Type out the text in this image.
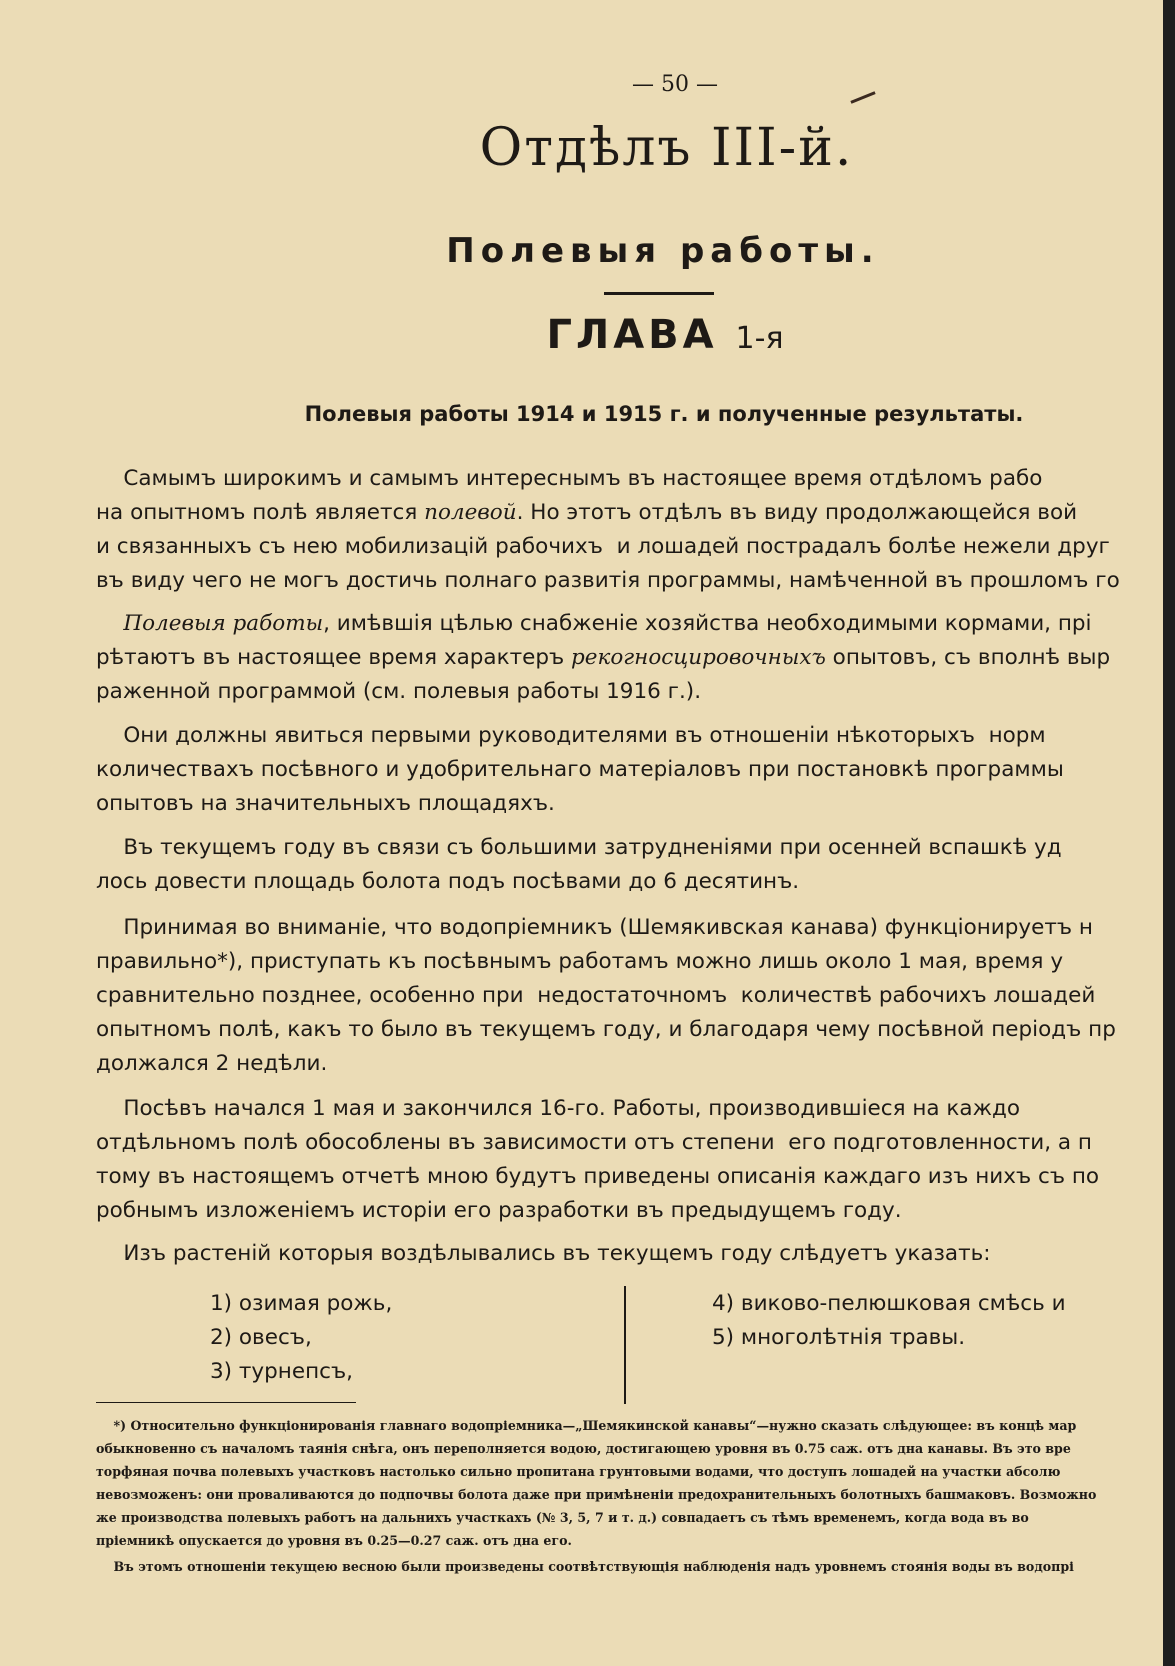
— 50 —
Отдѣлъ III-й.
Полевыя работы.
ГЛАВА 1-я
Полевыя работы 1914 и 1915 г. и полученные результаты.
Самымъ широкимъ и самымъ интереснымъ въ настоящее время отдѣломъ рабо
на опытномъ полѣ является полевой. Но этотъ отдѣлъ въ виду продолжающейся вой
и связанныхъ съ нею мобилизацій рабочихъ  и лошадей пострадалъ болѣе нежели друг
въ виду чего не могъ достичь полнаго развитія программы, намѣченной въ прошломъ го
Полевыя работы, имѣвшія цѣлью снабженіе хозяйства необходимыми кормами, прі
рѣтаютъ въ настоящее время характеръ рекогносцировочныхъ опытовъ, съ вполнѣ выр
раженной программой (см. полевыя работы 1916 г.).
Они должны явиться первыми руководителями въ отношеніи нѣкоторыхъ  норм
количествахъ посѣвного и удобрительнаго матеріаловъ при постановкѣ программы
опытовъ на значительныхъ площадяхъ.
Въ текущемъ году въ связи съ большими затрудненіями при осенней вспашкѣ уд
лось довести площадь болота подъ посѣвами до 6 десятинъ.
Принимая во вниманіе, что водопріемникъ (Шемякивская канава) функціонируетъ н
правильно*), приступать къ посѣвнымъ работамъ можно лишь около 1 мая, время у
сравнительно позднее, особенно при  недостаточномъ  количествѣ рабочихъ лошадей
опытномъ полѣ, какъ то было въ текущемъ году, и благодаря чему посѣвной періодъ пр
должался 2 недѣли.
Посѣвъ начался 1 мая и закончился 16-го. Работы, производившіеся на каждо
отдѣльномъ полѣ обособлены въ зависимости отъ степени  его подготовленности, а п
тому въ настоящемъ отчетѣ мною будутъ приведены описанія каждаго изъ нихъ съ по
робнымъ изложеніемъ исторіи его разработки въ предыдущемъ году.
Изъ растеній которыя воздѣлывались въ текущемъ году слѣдуетъ указать:
1) озимая рожь,
2) овесъ,
3) турнепсъ,
4) виково-пелюшковая смѣсь и
5) многолѣтнія травы.
*) Относительно функціонированія главнаго водопріемника—„Шемякинской канавы“—нужно сказать слѣдующее: въ концѣ мар
обыкновенно съ началомъ таянія снѣга, онъ переполняется водою, достигающею уровня въ 0.75 саж. отъ дна канавы. Въ это вре
торфяная почва полевыхъ участковъ настолько сильно пропитана грунтовыми водами, что доступъ лошадей на участки абсолю
невозможенъ: они проваливаются до подпочвы болота даже при примѣненіи предохранительныхъ болотныхъ башмаковъ. Возможно
же производства полевыхъ работъ на дальнихъ участкахъ (№ 3, 5, 7 и т. д.) совпадаетъ съ тѣмъ временемъ, когда вода въ во
пріемникѣ опускается до уровня въ 0.25—0.27 саж. отъ дна его.
Въ этомъ отношеніи текущею весною были произведены соотвѣтствующія наблюденія надъ уровнемъ стоянія воды въ водопрі
